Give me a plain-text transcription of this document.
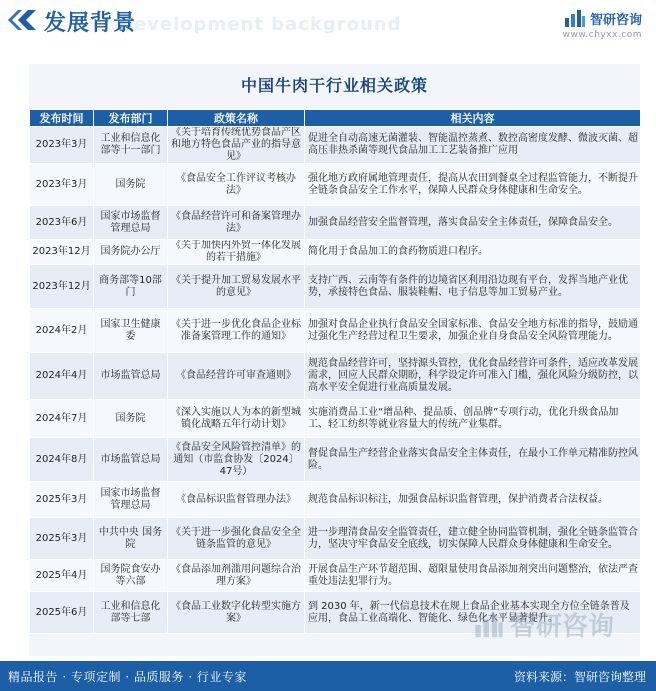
Development background
发展背景	智研咨询
www.chyxx.com
中国牛肉干行业相关政策
发布时间	发布部门	政策名称	相关内容
2023年3月	工业和信息化部等十一部门	《关于培育传统优势食品产区和地方特色食品产业的指导意见》	促进全自动高速无菌灌装、智能温控蒸煮、数控高密度发酵、微波灭菌、超高压非热杀菌等现代食品加工工艺装备推广应用
2023年3月	国务院	《食品安全工作评议考核办法》	强化地方政府属地管理责任，提高从农田到餐桌全过程监管能力，不断提升全链条食品安全工作水平，保障人民群众身体健康和生命安全。
2023年6月	国家市场监督管理总局	《食品经营许可和备案管理办法》	加强食品经营安全监督管理，落实食品安全主体责任，保障食品安全。
2023年12月	国务院办公厅	《关于加快内外贸一体化发展的若干措施》	简化用于食品加工的食药物质进口程序。
2023年12月	商务部等10部门	《关于提升加工贸易发展水平的意见》	支持广西、云南等有条件的边境省区利用沿边现有平台，发挥当地产业优势，承接特色食品、服装鞋帽、电子信息等加工贸易产业。
2024年2月	国家卫生健康委	《关于进一步优化食品企业标准备案管理工作的通知》	加强对食品企业执行食品安全国家标准、食品安全地方标准的指导，鼓励通过强化生产经营过程卫生要求，加强企业自身食品安全风险管理能力。
2024年4月	市场监管总局	《食品经营许可审查通则》	规范食品经营许可，坚持源头管控，优化食品经营许可条件，适应改革发展需求，回应人民群众期盼，科学设定许可准入门槛，强化风险分级防控，以高水平安全促进行业高质量发展。
2024年7月	国务院	《深入实施以人为本的新型城镇化战略五年行动计划》	实施消费品工业“增品种、提品质、创品牌”专项行动，优化升级食品加工、轻工纺织等就业容量大的传统产业集群。
2024年8月	市场监管总局	《食品安全风险管控清单》的通知（市监食协发〔2024〕47号）	督促食品生产经营企业落实食品安全主体责任，在最小工作单元精准防控风险。
2025年3月	国家市场监督管理总局	《食品标识监督管理办法》	规范食品标识标注，加强食品标识监督管理，保护消费者合法权益。
2025年3月	中共中央 国务院	《关于进一步强化食品安全全链条监管的意见》	进一步理清食品安全监管责任，建立健全协同监管机制，强化全链条监管合力，坚决守牢食品安全底线，切实保障人民群众身体健康和生命安全。
2025年4月	国务院食安办等六部	《食品添加剂滥用问题综合治理方案》	开展食品生产环节超范围、超限量使用食品添加剂突出问题整治，依法严查重处违法犯罪行为。
2025年6月	工业和信息化部等七部	《食品工业数字化转型实施方案》	到 2030 年，新一代信息技术在规上食品企业基本实现全方位全链条普及应用，食品工业高端化、智能化、绿色化水平显著提升。
智研咨询
精品报告 · 专项定制 · 品质服务 · 行业专家	资料来源：智研咨询整理
